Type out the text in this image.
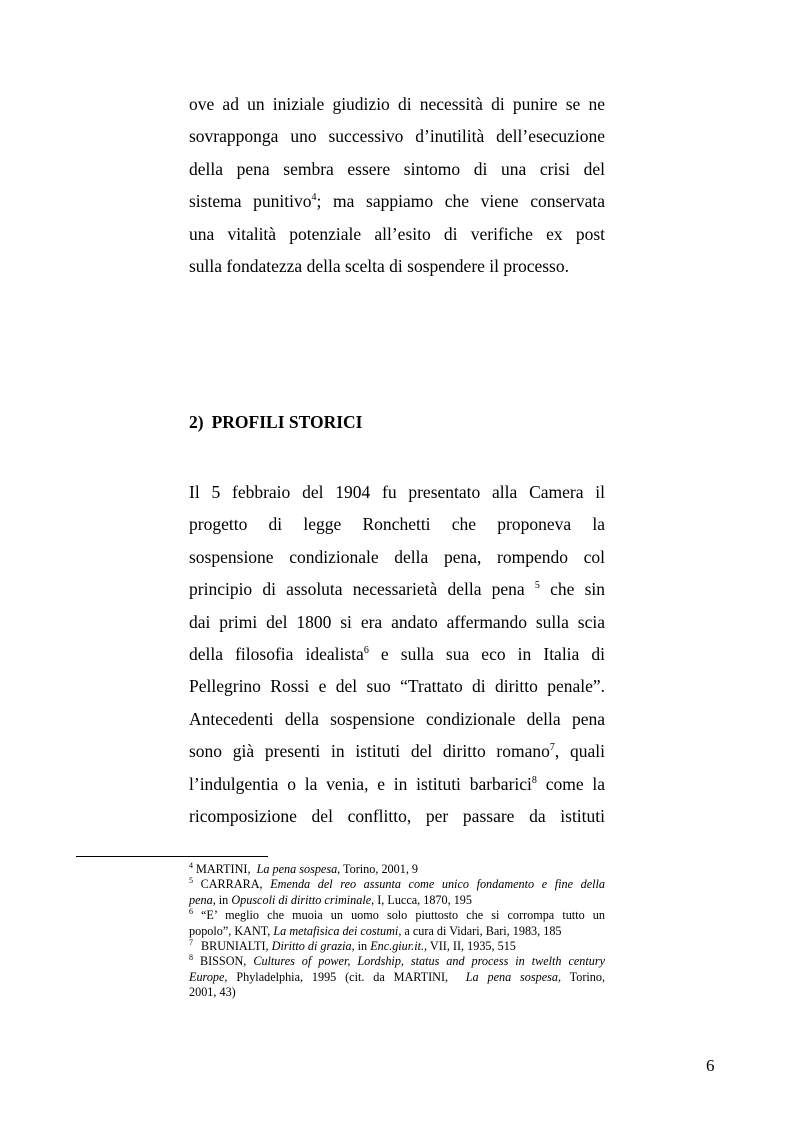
ove ad un iniziale giudizio di necessità di punire se ne
sovrapponga uno successivo d’inutilità dell’esecuzione
della pena sembra essere sintomo di una crisi del
sistema punitivo$^4$; ma sappiamo che viene conservata
una vitalità potenziale all’esito di verifiche ex post
sulla fondatezza della scelta di sospendere il processo.
2) PROFILI STORICI
Il 5 febbraio del 1904 fu presentato alla Camera il
progetto di legge Ronchetti che proponeva la
sospensione condizionale della pena, rompendo col
principio di assoluta necessarietà della pena $^5$ che sin
dai primi del 1800 si era andato affermando sulla scia
della filosofia idealista$^6$ e sulla sua eco in Italia di
Pellegrino Rossi e del suo “Trattato di diritto penale”.
Antecedenti della sospensione condizionale della pena
sono già presenti in istituti del diritto romano$^7$, quali
l’indulgentia o la venia, e in istituti barbarici$^8$ come la
ricomposizione del conflitto, per passare da istituti
$^4$ MARTINI, La pena sospesa, Torino, 2001, 9
$^5$ CARRARA, Emenda del reo assunta come unico fondamento e fine della
pena, in Opuscoli di diritto criminale, I, Lucca, 1870, 195
$^6$ “E’ meglio che muoia un uomo solo piuttosto che si corrompa tutto un
popolo”, KANT, La metafisica dei costumi, a cura di Vidari, Bari, 1983, 185
$^7$ BRUNIALTI, Diritto di grazia, in Enc.giur.it., VII, II, 1935, 515
$^8$ BISSON, Cultures of power, Lordship, status and process in twelth century
Europe, Phyladelphia, 1995 (cit. da MARTINI, La pena sospesa, Torino,
2001, 43)
6
